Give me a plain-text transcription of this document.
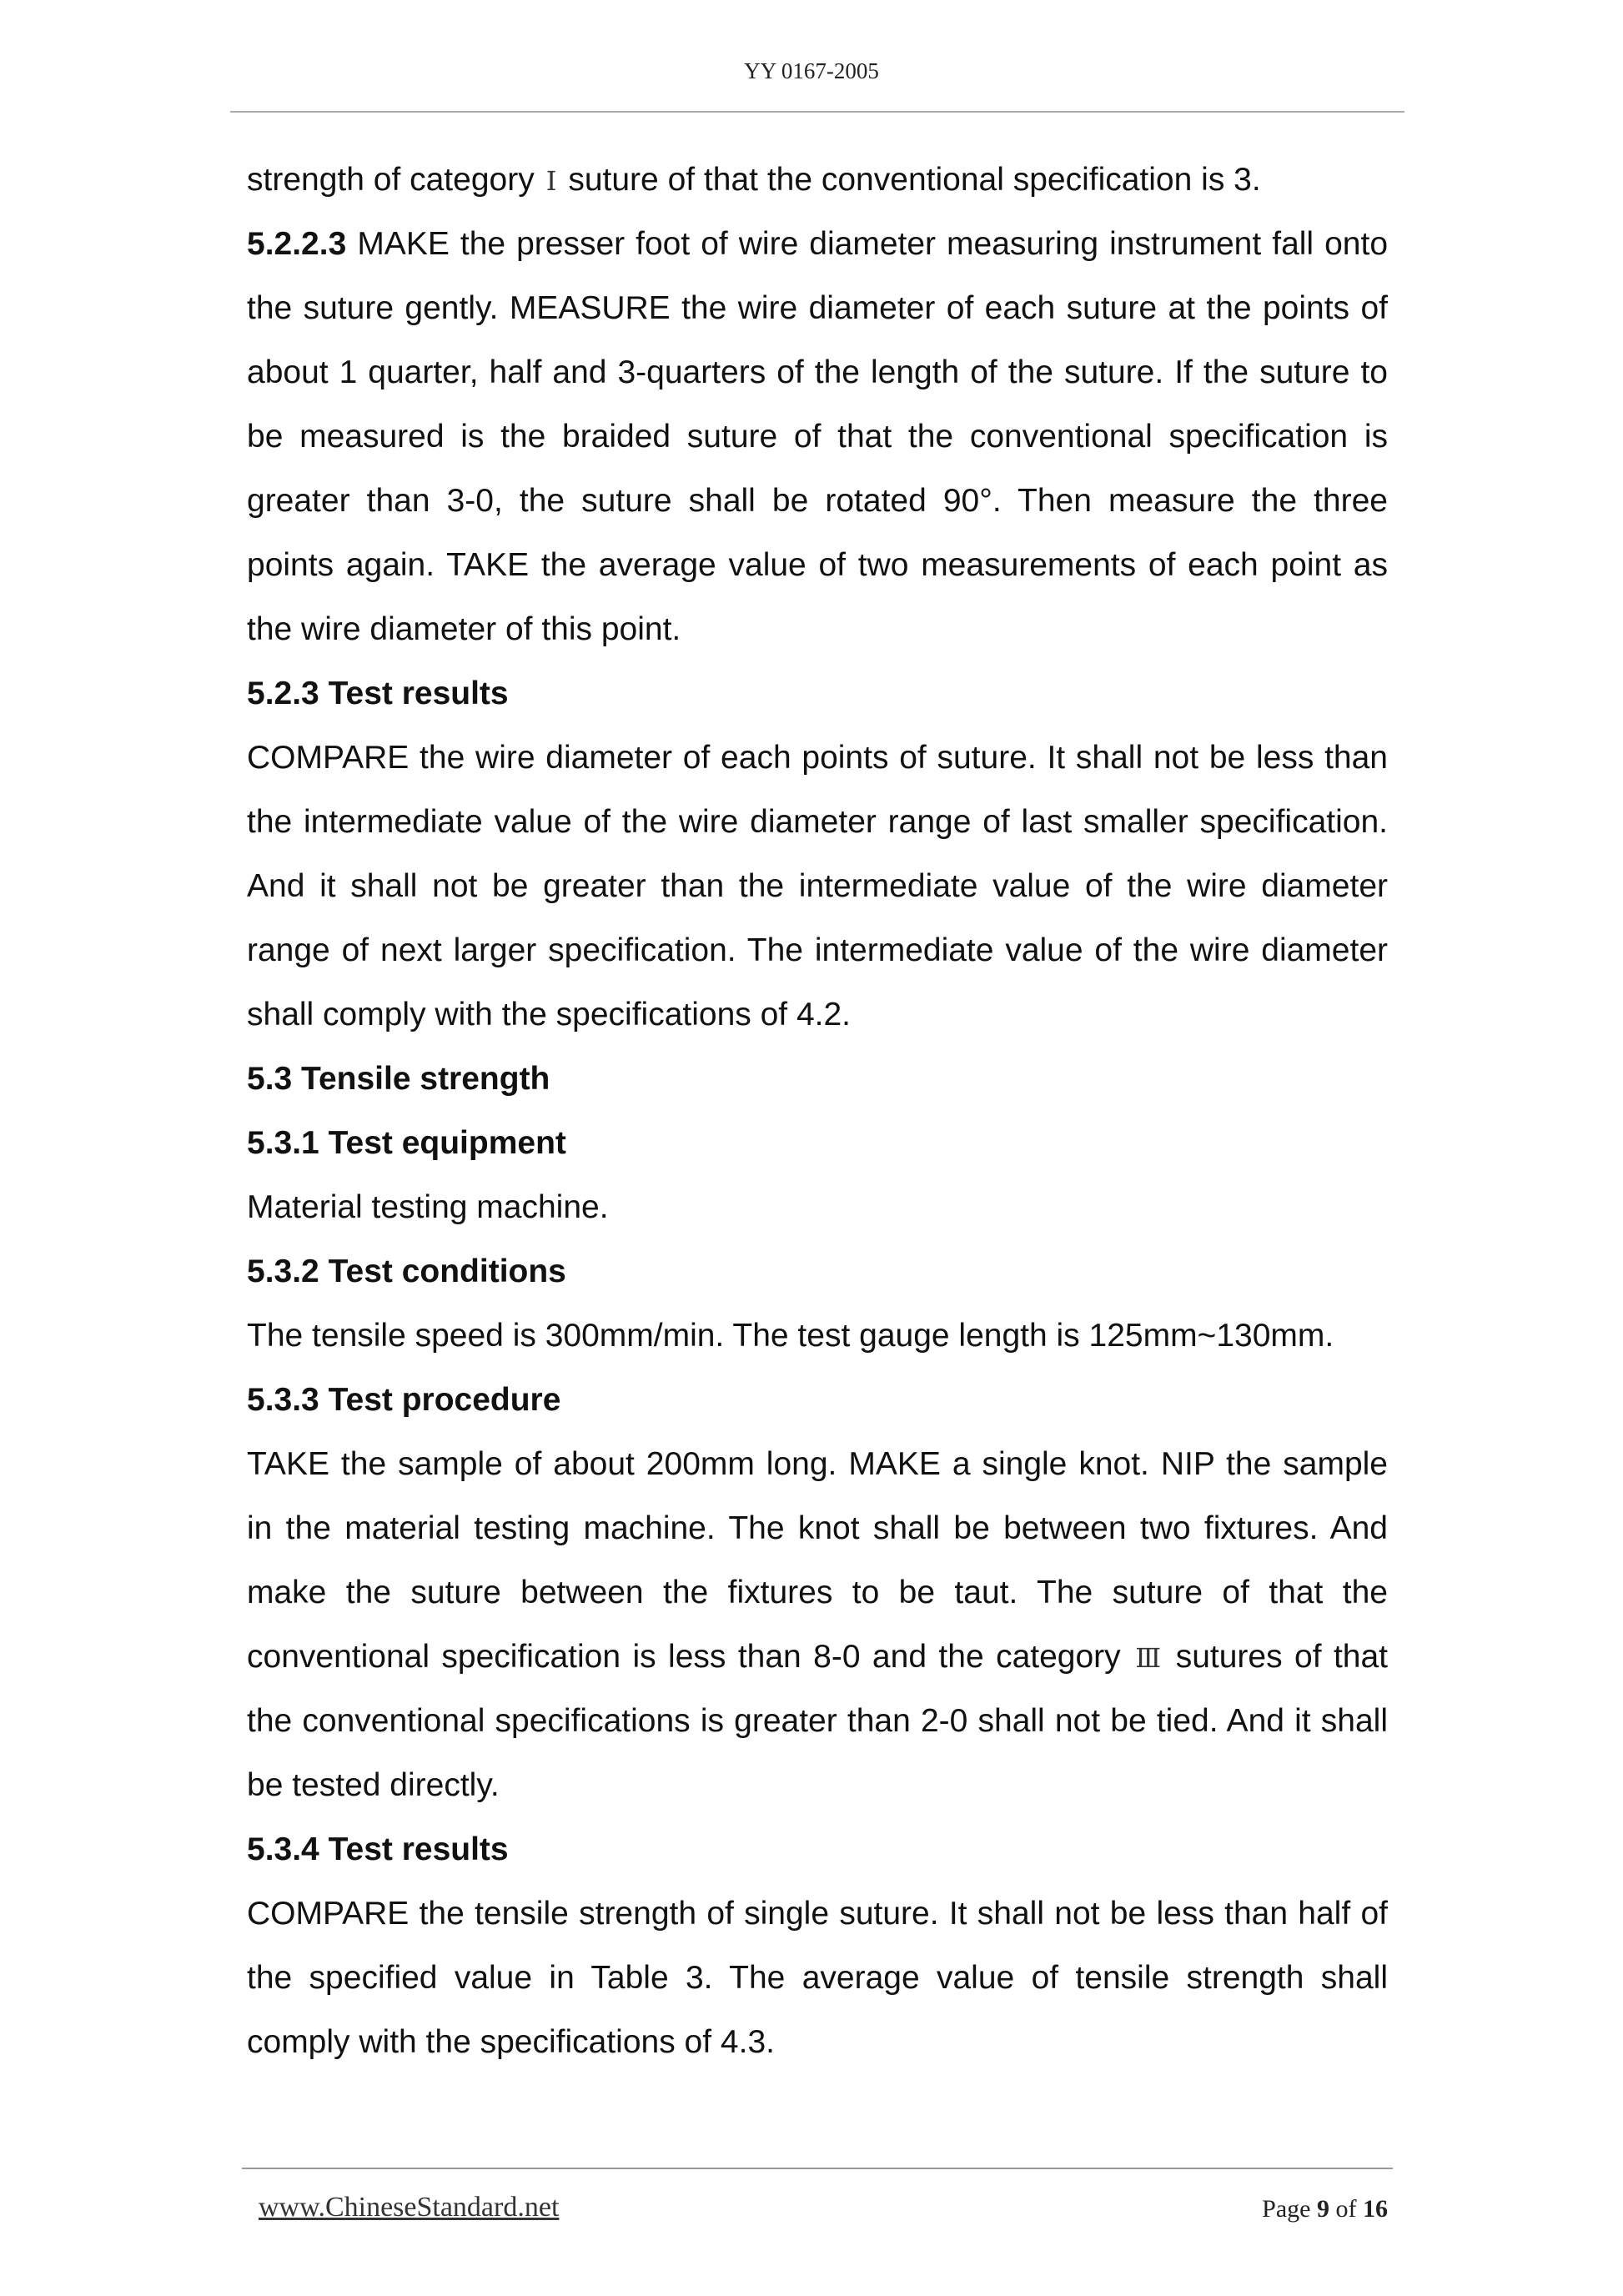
YY 0167-2005
strength of category Ⅰ suture of that the conventional specification is 3.
5.2.2.3 MAKE the presser foot of wire diameter measuring instrument fall onto
the suture gently. MEASURE the wire diameter of each suture at the points of
about 1 quarter, half and 3-quarters of the length of the suture. If the suture to
be measured is the braided suture of that the conventional specification is
greater than 3-0, the suture shall be rotated 90°. Then measure the three
points again. TAKE the average value of two measurements of each point as
the wire diameter of this point.
5.2.3 Test results
COMPARE the wire diameter of each points of suture. It shall not be less than
the intermediate value of the wire diameter range of last smaller specification.
And it shall not be greater than the intermediate value of the wire diameter
range of next larger specification. The intermediate value of the wire diameter
shall comply with the specifications of 4.2.
5.3 Tensile strength
5.3.1 Test equipment
Material testing machine.
5.3.2 Test conditions
The tensile speed is 300mm/min. The test gauge length is 125mm~130mm.
5.3.3 Test procedure
TAKE the sample of about 200mm long. MAKE a single knot. NIP the sample
in the material testing machine. The knot shall be between two fixtures. And
make the suture between the fixtures to be taut. The suture of that the
conventional specification is less than 8-0 and the category Ⅲ sutures of that
the conventional specifications is greater than 2-0 shall not be tied. And it shall
be tested directly.
5.3.4 Test results
COMPARE the tensile strength of single suture. It shall not be less than half of
the specified value in Table 3. The average value of tensile strength shall
comply with the specifications of 4.3.
www.ChineseStandard.net	Page 9 of 16
